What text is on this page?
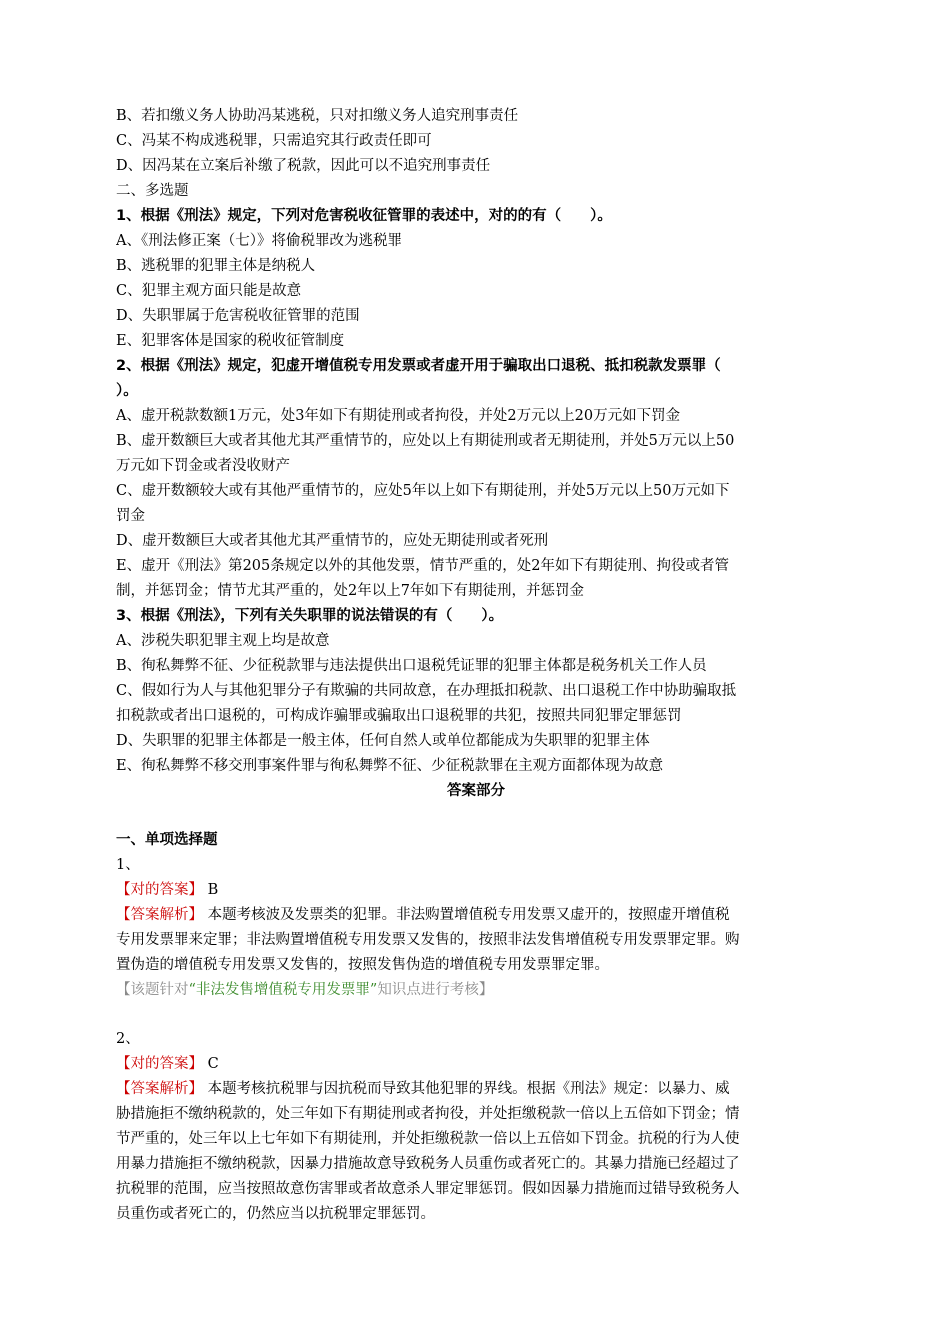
B、若扣缴义务人协助冯某逃税，只对扣缴义务人追究刑事责任
C、冯某不构成逃税罪，只需追究其行政责任即可
D、因冯某在立案后补缴了税款，因此可以不追究刑事责任
二、多选题
1、根据《刑法》规定，下列对危害税收征管罪的表述中，对的的有（　　）。
A、《刑法修正案（七）》将偷税罪改为逃税罪
B、逃税罪的犯罪主体是纳税人
C、犯罪主观方面只能是故意
D、失职罪属于危害税收征管罪的范围
E、犯罪客体是国家的税收征管制度
2、根据《刑法》规定，犯虚开增值税专用发票或者虚开用于骗取出口退税、抵扣税款发票罪（
）。
A、虚开税款数额1万元，处3年如下有期徒刑或者拘役，并处2万元以上20万元如下罚金
B、虚开数额巨大或者其他尤其严重情节的，应处以上有期徒刑或者无期徒刑，并处5万元以上50
万元如下罚金或者没收财产
C、虚开数额较大或有其他严重情节的，应处5年以上如下有期徒刑，并处5万元以上50万元如下
罚金
D、虚开数额巨大或者其他尤其严重情节的，应处无期徒刑或者死刑
E、虚开《刑法》第205条规定以外的其他发票，情节严重的，处2年如下有期徒刑、拘役或者管
制，并惩罚金；情节尤其严重的，处2年以上7年如下有期徒刑，并惩罚金
3、根据《刑法》，下列有关失职罪的说法错误的有（　　）。
A、涉税失职犯罪主观上均是故意
B、徇私舞弊不征、少征税款罪与违法提供出口退税凭证罪的犯罪主体都是税务机关工作人员
C、假如行为人与其他犯罪分子有欺骗的共同故意，在办理抵扣税款、出口退税工作中协助骗取抵
扣税款或者出口退税的，可构成诈骗罪或骗取出口退税罪的共犯，按照共同犯罪定罪惩罚
D、失职罪的犯罪主体都是一般主体，任何自然人或单位都能成为失职罪的犯罪主体
E、徇私舞弊不移交刑事案件罪与徇私舞弊不征、少征税款罪在主观方面都体现为故意
答案部分
一、单项选择题
1、
【对的答案】 B
【答案解析】 本题考核波及发票类的犯罪。非法购置增值税专用发票又虚开的，按照虚开增值税
专用发票罪来定罪；非法购置增值税专用发票又发售的，按照非法发售增值税专用发票罪定罪。购
置伪造的增值税专用发票又发售的，按照发售伪造的增值税专用发票罪定罪。
【该题针对“非法发售增值税专用发票罪”知识点进行考核】
2、
【对的答案】 C
【答案解析】 本题考核抗税罪与因抗税而导致其他犯罪的界线。根据《刑法》规定：以暴力、威
胁措施拒不缴纳税款的，处三年如下有期徒刑或者拘役，并处拒缴税款一倍以上五倍如下罚金；情
节严重的，处三年以上七年如下有期徒刑，并处拒缴税款一倍以上五倍如下罚金。抗税的行为人使
用暴力措施拒不缴纳税款，因暴力措施故意导致税务人员重伤或者死亡的。其暴力措施已经超过了
抗税罪的范围，应当按照故意伤害罪或者故意杀人罪定罪惩罚。假如因暴力措施而过错导致税务人
员重伤或者死亡的，仍然应当以抗税罪定罪惩罚。
